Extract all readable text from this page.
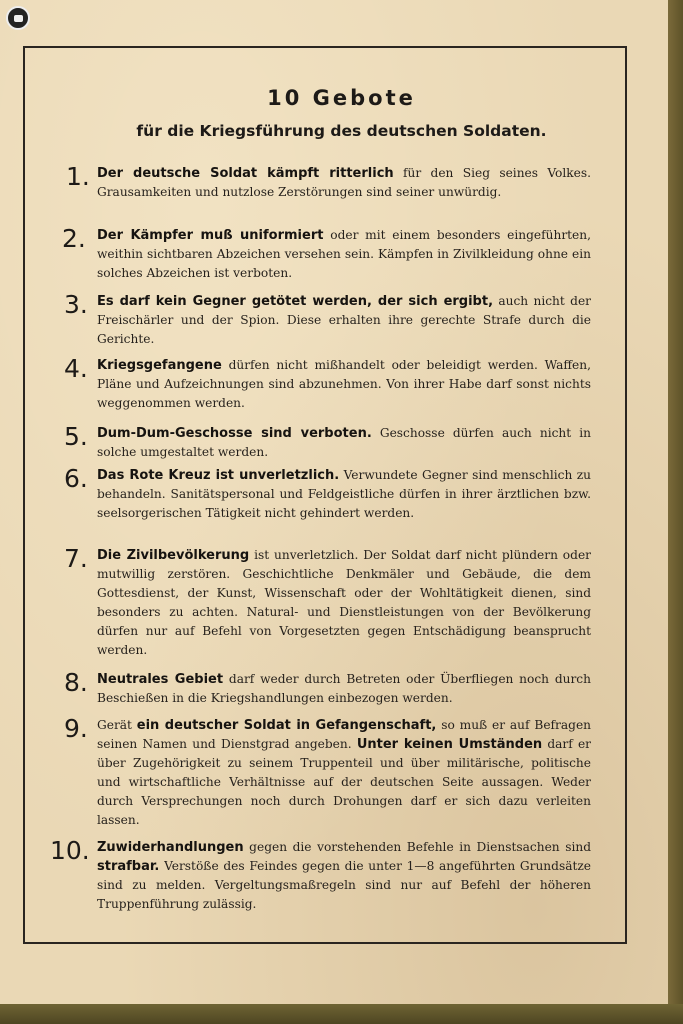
10 Gebote
für die Kriegsführung des deutschen Soldaten.
1. Der deutsche Soldat kämpft ritterlich für den Sieg seines Volkes. Grausamkeiten und nutzlose Zerstörungen sind seiner unwürdig.
2. Der Kämpfer muß uniformiert oder mit einem besonders eingeführten, weithin sichtbaren Abzeichen versehen sein. Kämpfen in Zivilkleidung ohne ein solches Abzeichen ist verboten.
3. Es darf kein Gegner getötet werden, der sich ergibt, auch nicht der Freischärler und der Spion. Diese erhalten ihre gerechte Strafe durch die Gerichte.
4. Kriegsgefangene dürfen nicht mißhandelt oder beleidigt werden. Waffen, Pläne und Aufzeichnungen sind abzunehmen. Von ihrer Habe darf sonst nichts weggenommen werden.
5. Dum-Dum-Geschosse sind verboten. Geschosse dürfen auch nicht in solche umgestaltet werden.
6. Das Rote Kreuz ist unverletzlich. Verwundete Gegner sind menschlich zu behandeln. Sanitätspersonal und Feldgeistliche dürfen in ihrer ärztlichen bzw. seelsorgerischen Tätigkeit nicht gehindert werden.
7. Die Zivilbevölkerung ist unverletzlich. Der Soldat darf nicht plündern oder mutwillig zerstören. Geschichtliche Denkmäler und Gebäude, die dem Gottesdienst, der Kunst, Wissenschaft oder der Wohltätigkeit dienen, sind besonders zu achten. Natural- und Dienstleistungen von der Bevölkerung dürfen nur auf Befehl von Vorgesetzten gegen Entschädigung beansprucht werden.
8. Neutrales Gebiet darf weder durch Betreten oder Überfliegen noch durch Beschießen in die Kriegshandlungen einbezogen werden.
9. Gerät ein deutscher Soldat in Gefangenschaft, so muß er auf Befragen seinen Namen und Dienstgrad angeben. Unter keinen Umständen darf er über Zugehörigkeit zu seinem Truppenteil und über militärische, politische und wirtschaftliche Verhältnisse auf der deutschen Seite aussagen. Weder durch Versprechungen noch durch Drohungen darf er sich dazu verleiten lassen.
10. Zuwiderhandlungen gegen die vorstehenden Befehle in Dienstsachen sind strafbar. Verstöße des Feindes gegen die unter 1—8 angeführten Grundsätze sind zu melden. Vergeltungsmaßregeln sind nur auf Befehl der höheren Truppenführung zulässig.
